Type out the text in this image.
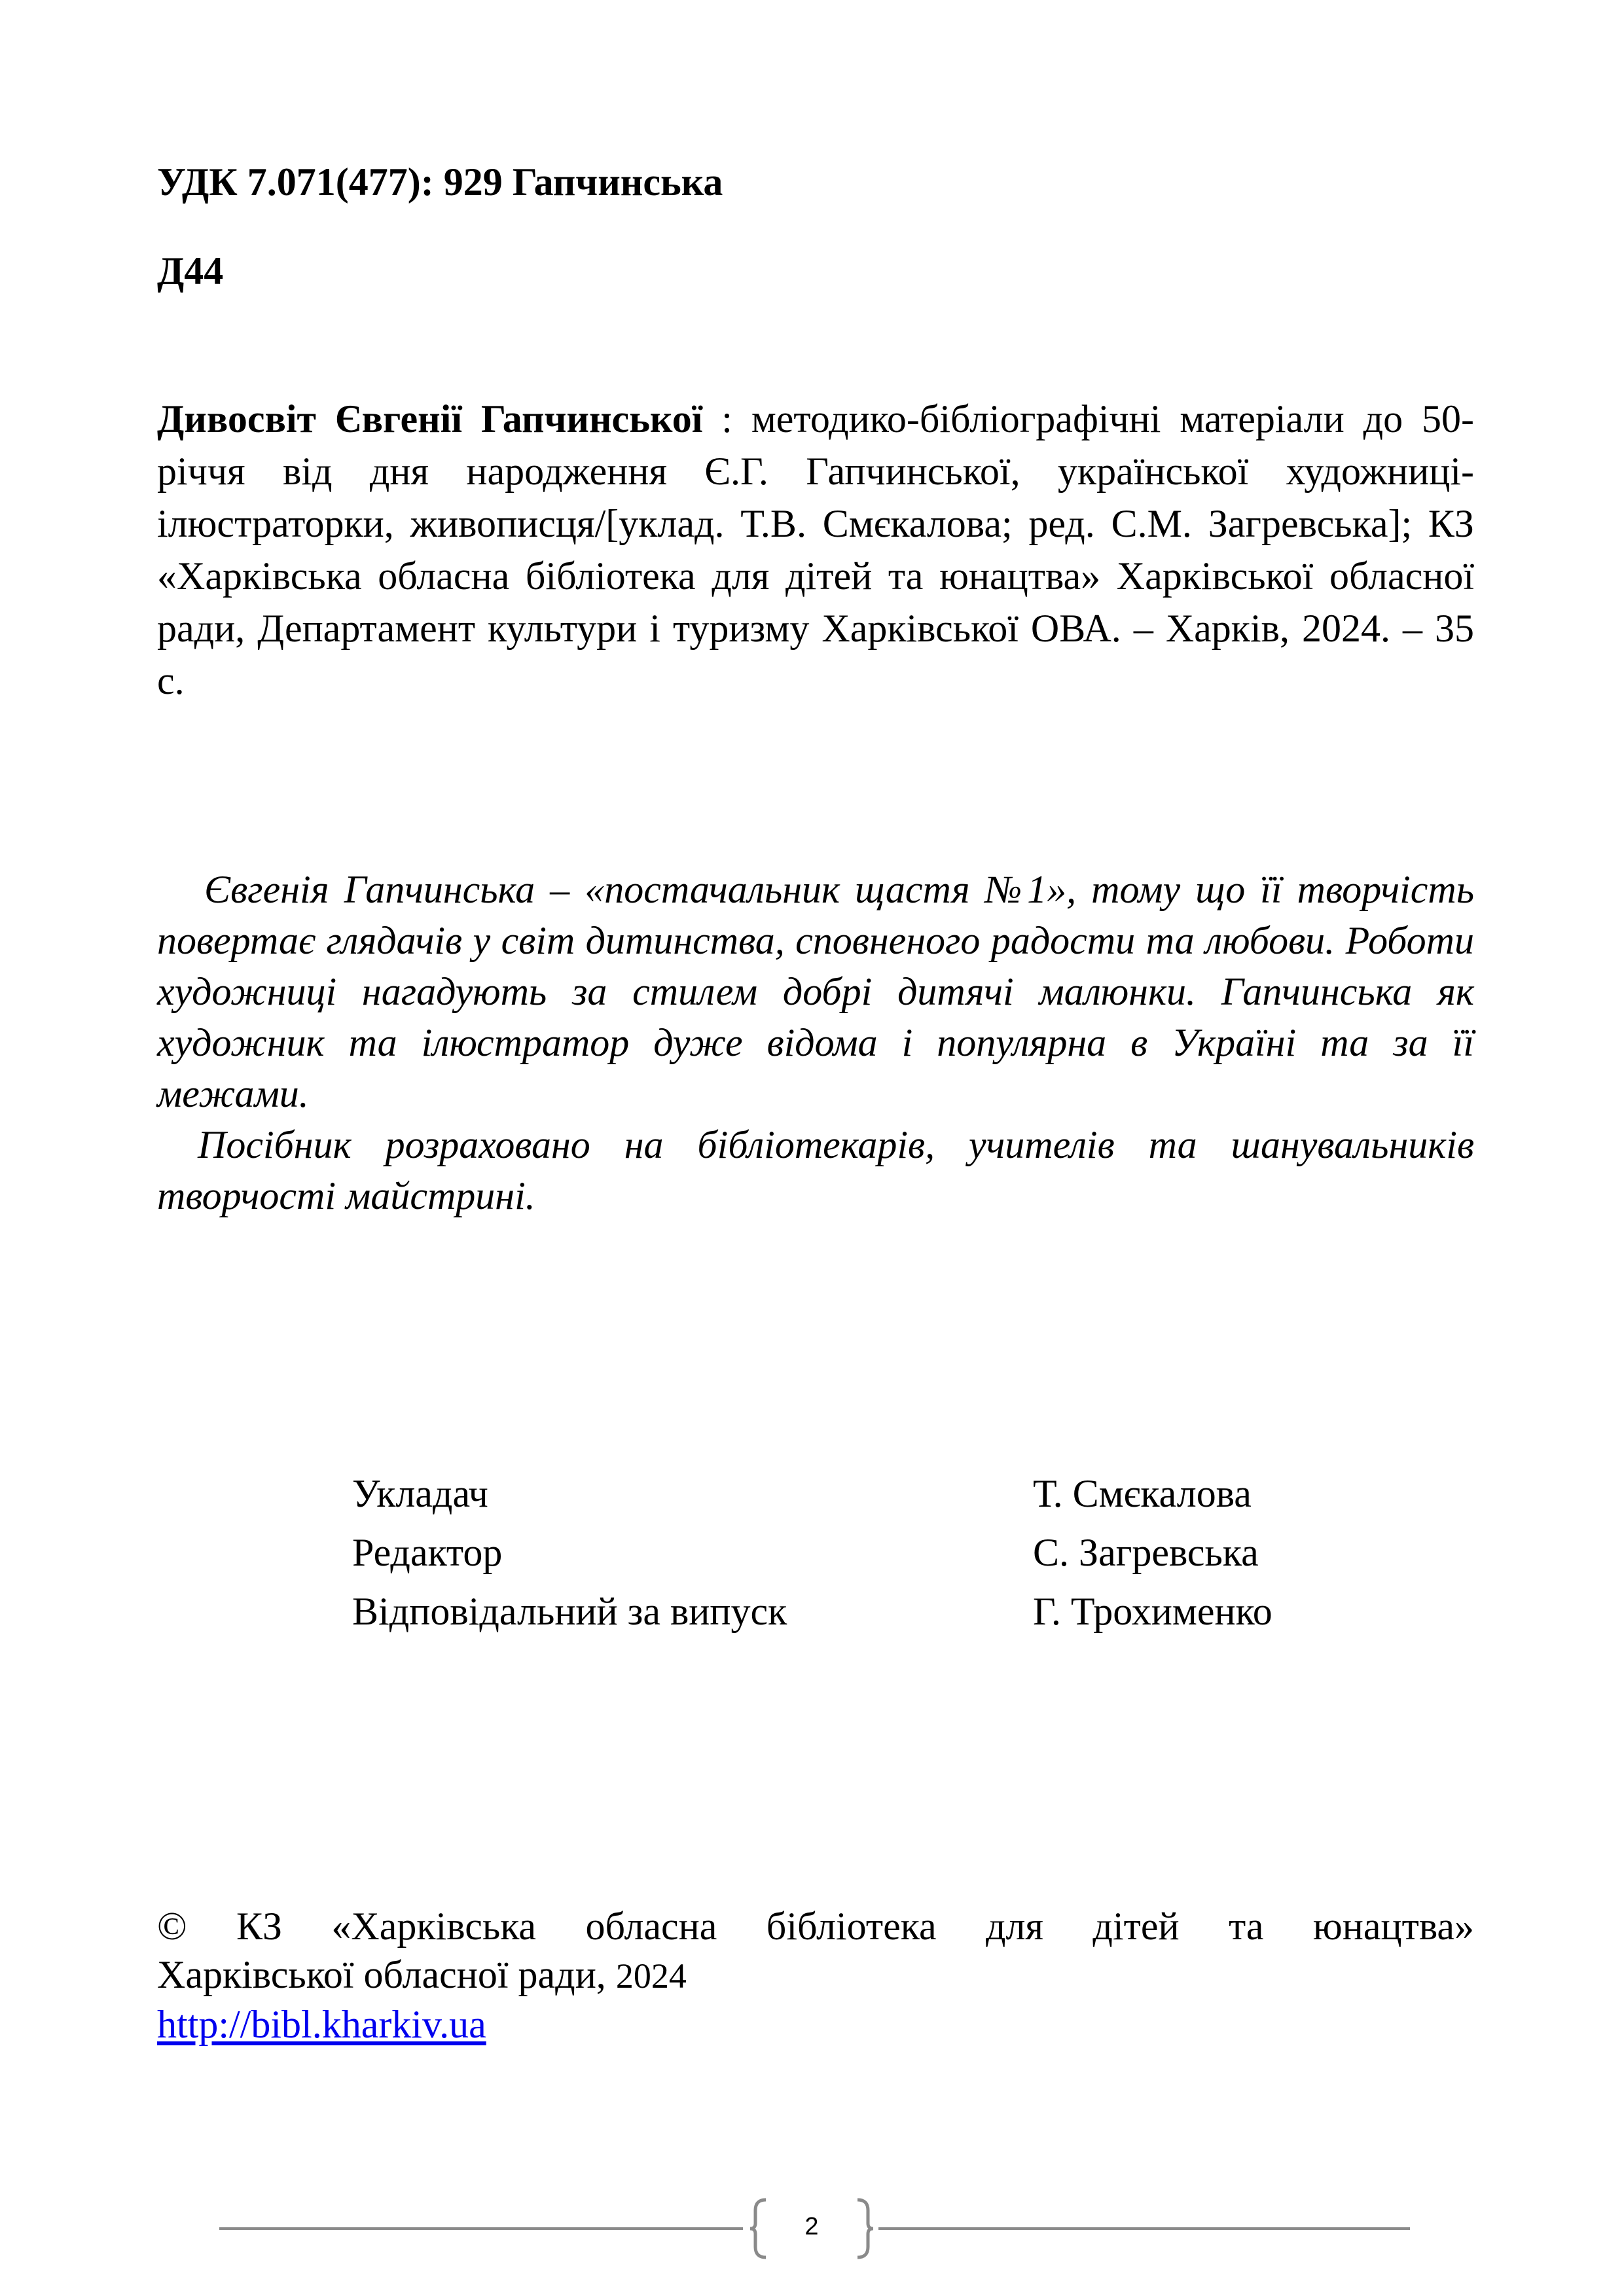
УДК 7.071(477): 929 Гапчинська
Д44
Дивосвіт Євгенії Гапчинської : методико-бібліографічні матеріали до 50-річчя від дня народження Є.Г. Гапчинської, української художниці-ілюстраторки, живописця/[уклад. Т.В. Смєкалова; ред. С.М. Загревська]; КЗ «Харківська обласна бібліотека для дітей та юнацтва» Харківської обласної ради, Департамент культури і туризму Харківської ОВА. – Харків, 2024. – 35 с.

Євгенія Гапчинська – «постачальник щастя №1», тому що її творчість повертає глядачів у світ дитинства, сповненого радости та любови. Роботи художниці нагадують за стилем добрі дитячі малюнки. Гапчинська як художник та ілюстратор дуже відома і популярна в Україні та за її межами.

Посібник розраховано на бібліотекарів, учителів та шанувальників творчості майстрині.

Укладач	Т. Смєкалова
Редактор	С. Загревська
Відповідальний за випуск	Г. Трохименко
© КЗ «Харківська обласна бібліотека для дітей та юнацтва»
Харківської обласної ради, 2024
http://bibl.kharkiv.ua
2
